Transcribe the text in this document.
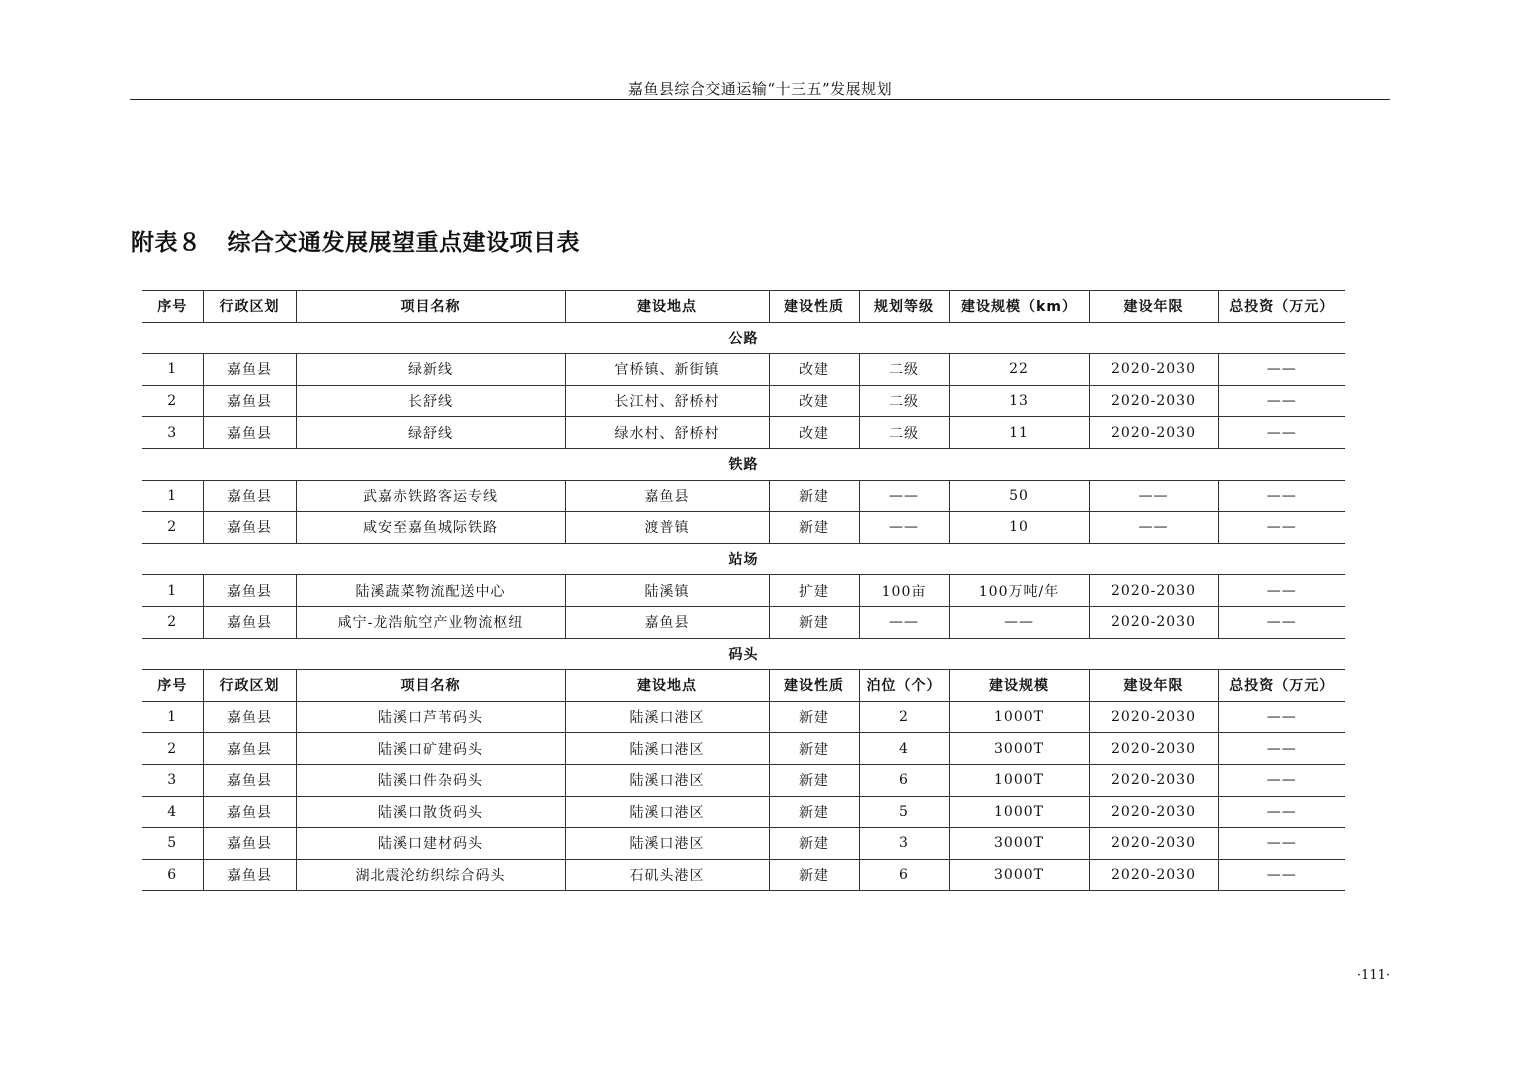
嘉鱼县综合交通运输“十三五”发展规划
附表８ 综合交通发展展望重点建设项目表
序号	行政区划	项目名称	建设地点	建设性质	规划等级	建设规模（km）	建设年限	总投资（万元）
公路								
1	嘉鱼县	绿新线	官桥镇、新街镇	改建	二级	22	2020-2030	——
2	嘉鱼县	长舒线	长江村、舒桥村	改建	二级	13	2020-2030	——
3	嘉鱼县	绿舒线	绿水村、舒桥村	改建	二级	11	2020-2030	——
铁路								
1	嘉鱼县	武嘉赤铁路客运专线	嘉鱼县	新建	——	50	——	——
2	嘉鱼县	咸安至嘉鱼城际铁路	渡普镇	新建	——	10	——	——
站场								
1	嘉鱼县	陆溪蔬菜物流配送中心	陆溪镇	扩建	100亩	100万吨/年	2020-2030	——
2	嘉鱼县	咸宁-龙浩航空产业物流枢纽	嘉鱼县	新建	——	——	2020-2030	——
码头								
序号	行政区划	项目名称	建设地点	建设性质	泊位（个）	建设规模	建设年限	总投资（万元）
1	嘉鱼县	陆溪口芦苇码头	陆溪口港区	新建	2	1000T	2020-2030	——
2	嘉鱼县	陆溪口矿建码头	陆溪口港区	新建	4	3000T	2020-2030	——
3	嘉鱼县	陆溪口件杂码头	陆溪口港区	新建	6	1000T	2020-2030	——
4	嘉鱼县	陆溪口散货码头	陆溪口港区	新建	5	1000T	2020-2030	——
5	嘉鱼县	陆溪口建材码头	陆溪口港区	新建	3	3000T	2020-2030	——
6	嘉鱼县	湖北震沦纺织综合码头	石矶头港区	新建	6	3000T	2020-2030	——
·111·
